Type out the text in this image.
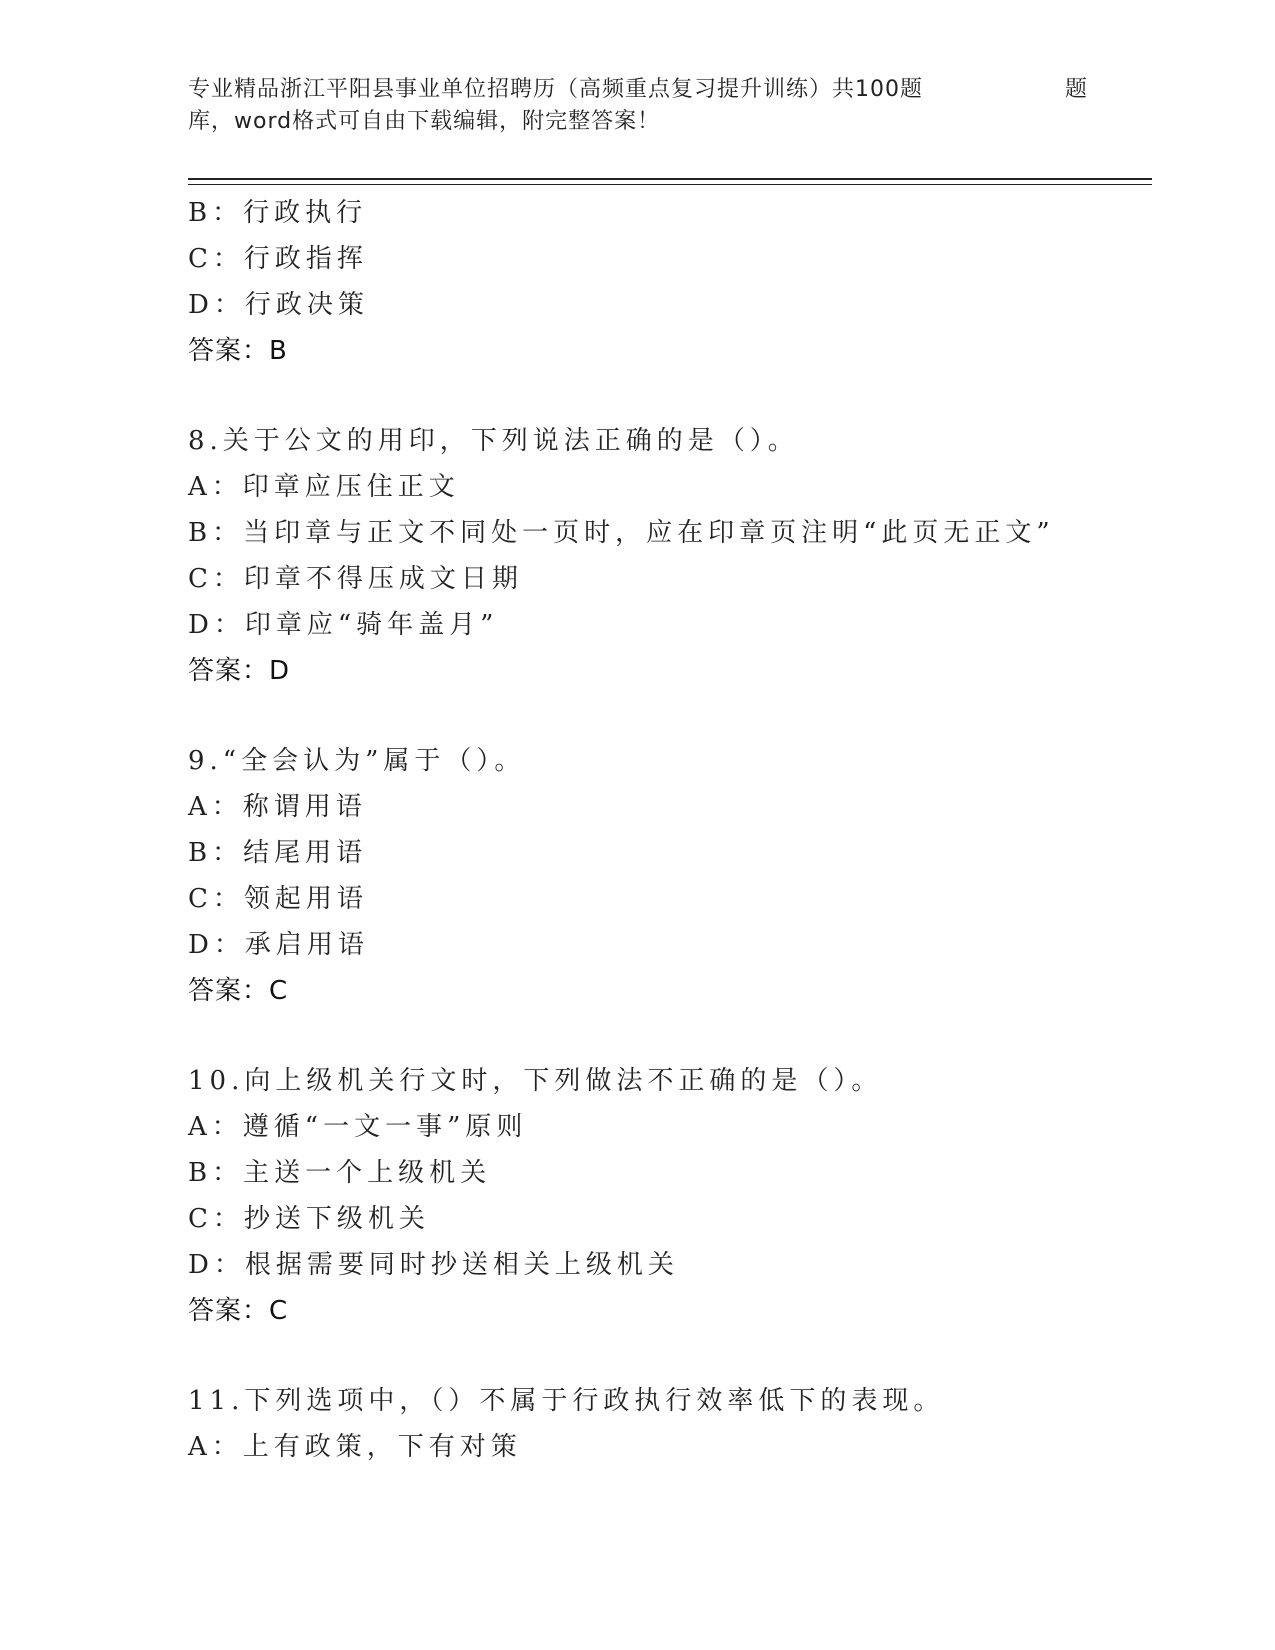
专业精品浙江平阳县事业单位招聘历（高频重点复习提升训练）共100题	题
库，word格式可自由下载编辑，附完整答案！
B：行政执行
C：行政指挥
D：行政决策
答案：B
8.关于公文的用印，下列说法正确的是（）。
A：印章应压住正文
B：当印章与正文不同处一页时，应在印章页注明“此页无正文”
C：印章不得压成文日期
D：印章应“骑年盖月”
答案：D
9.“全会认为”属于（）。
A：称谓用语
B：结尾用语
C：领起用语
D：承启用语
答案：C
10.向上级机关行文时，下列做法不正确的是（）。
A：遵循“一文一事”原则
B：主送一个上级机关
C：抄送下级机关
D：根据需要同时抄送相关上级机关
答案：C
11.下列选项中，（）不属于行政执行效率低下的表现。
A：上有政策，下有对策
